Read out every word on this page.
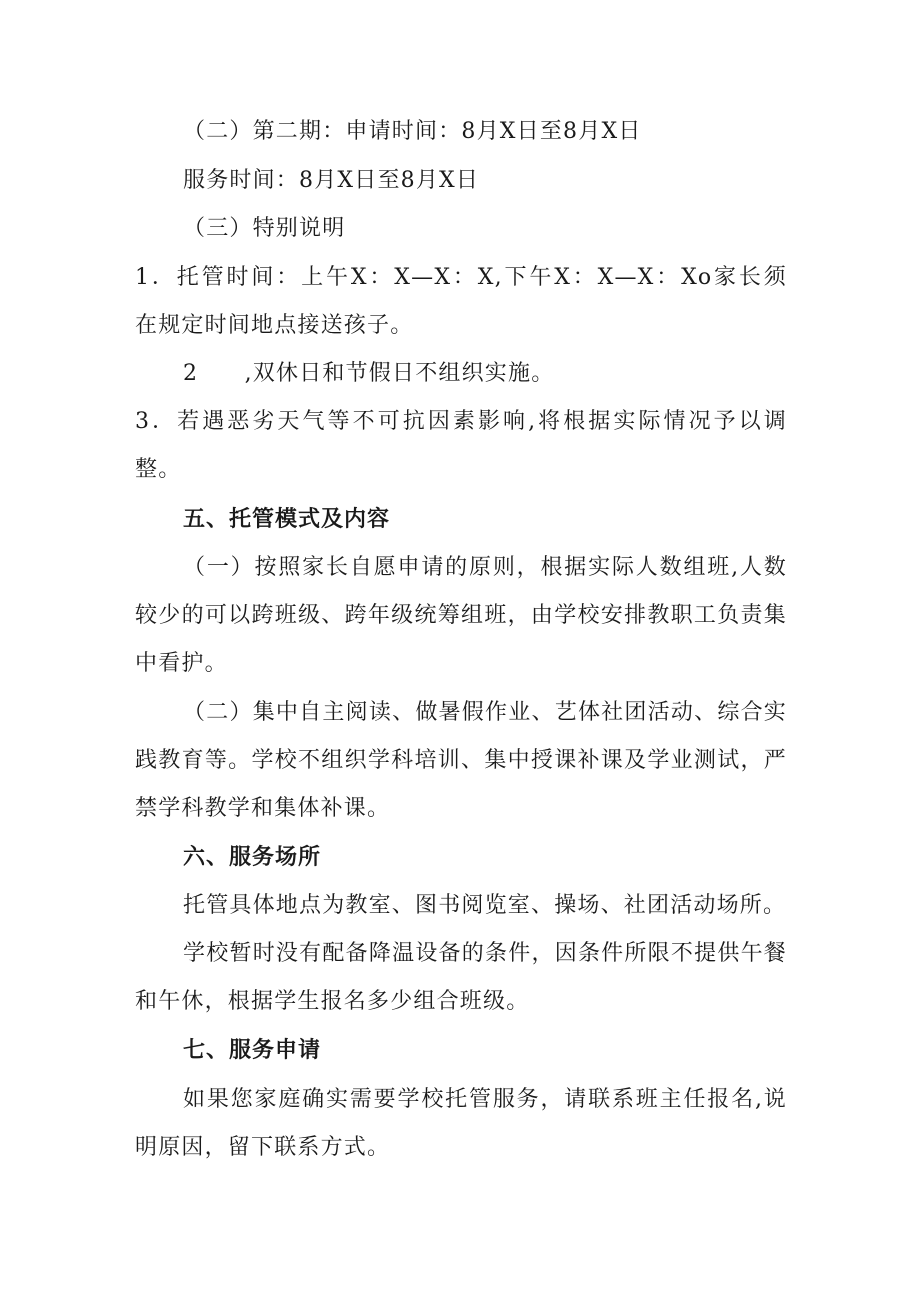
（二）第二期：申请时间：8月X日至8月X日
服务时间：8月X日至8月X日
（三）特别说明
1．托管时间：上午X：X—X：X,下午X：X—X：Xo家长须
在规定时间地点接送孩子。
2　　,双休日和节假日不组织实施。
3．若遇恶劣天气等不可抗因素影响,将根据实际情况予以调
整。
五、托管模式及内容
（一）按照家长自愿申请的原则，根据实际人数组班,人数
较少的可以跨班级、跨年级统筹组班，由学校安排教职工负责集
中看护。
（二）集中自主阅读、做暑假作业、艺体社团活动、综合实
践教育等。学校不组织学科培训、集中授课补课及学业测试，严
禁学科教学和集体补课。
六、服务场所
托管具体地点为教室、图书阅览室、操场、社团活动场所。
学校暂时没有配备降温设备的条件，因条件所限不提供午餐
和午休，根据学生报名多少组合班级。
七、服务申请
如果您家庭确实需要学校托管服务，请联系班主任报名,说
明原因，留下联系方式。
